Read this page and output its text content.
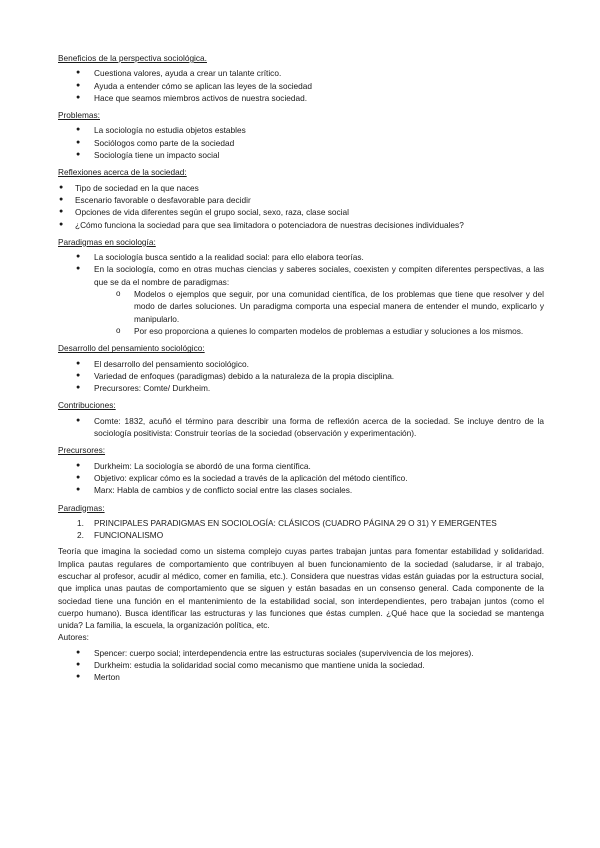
Beneficios de la perspectiva sociológica.

● Cuestiona valores, ayuda a crear un talante crítico.
● Ayuda a entender cómo se aplican las leyes de la sociedad
● Hace que seamos miembros activos de nuestra sociedad.

Problemas:

● La sociología no estudia objetos estables
● Sociólogos como parte de la sociedad
● Sociología tiene un impacto social

Reflexiones acerca de la sociedad:

● Tipo de sociedad en la que naces
● Escenario favorable o desfavorable para decidir
● Opciones de vida diferentes según el grupo social, sexo, raza, clase social
● ¿Cómo funciona la sociedad para que sea limitadora o potenciadora de nuestras decisiones individuales?

Paradigmas en sociología:

● La sociología busca sentido a la realidad social: para ello elabora teorías.
● En la sociología, como en otras muchas ciencias y saberes sociales, coexisten y compiten diferentes perspectivas, a las que se da el nombre de paradigmas:
o Modelos o ejemplos que seguir, por una comunidad científica, de los problemas que tiene que resolver y del modo de darles soluciones. Un paradigma comporta una especial manera de entender el mundo, explicarlo y manipularlo.
o Por eso proporciona a quienes lo comparten modelos de problemas a estudiar y soluciones a los mismos.

Desarrollo del pensamiento sociológico:

● El desarrollo del pensamiento sociológico.
● Variedad de enfoques (paradigmas) debido a la naturaleza de la propia disciplina.
● Precursores: Comte/ Durkheim.

Contribuciones:

● Comte: 1832, acuñó el término para describir una forma de reflexión acerca de la sociedad. Se incluye dentro de la sociología positivista: Construir teorías de la sociedad (observación y experimentación).

Precursores:

● Durkheim: La sociología se abordó de una forma científica.
● Objetivo: explicar cómo es la sociedad a través de la aplicación del método científico.
● Marx: Habla de cambios y de conflicto social entre las clases sociales.

Paradigmas:

1. PRINCIPALES PARADIGMAS EN SOCIOLOGÍA: CLÁSICOS (CUADRO PÁGINA 29 O 31) Y EMERGENTES
2. FUNCIONALISMO

Teoría que imagina la sociedad como un sistema complejo cuyas partes trabajan juntas para fomentar estabilidad y solidaridad. Implica pautas regulares de comportamiento que contribuyen al buen funcionamiento de la sociedad (saludarse, ir al trabajo, escuchar al profesor, acudir al médico, comer en familia, etc.). Considera que nuestras vidas están guiadas por la estructura social, que implica unas pautas de comportamiento que se siguen y están basadas en un consenso general. Cada componente de la sociedad tiene una función en el mantenimiento de la estabilidad social, son interdependientes, pero trabajan juntos (como el cuerpo humano). Busca identificar las estructuras y las funciones que éstas cumplen. ¿Qué hace que la sociedad se mantenga unida? La familia, la escuela, la organización política, etc.

Autores:

● Spencer: cuerpo social; interdependencia entre las estructuras sociales (supervivencia de los mejores).
● Durkheim: estudia la solidaridad social como mecanismo que mantiene unida la sociedad.
● Merton
